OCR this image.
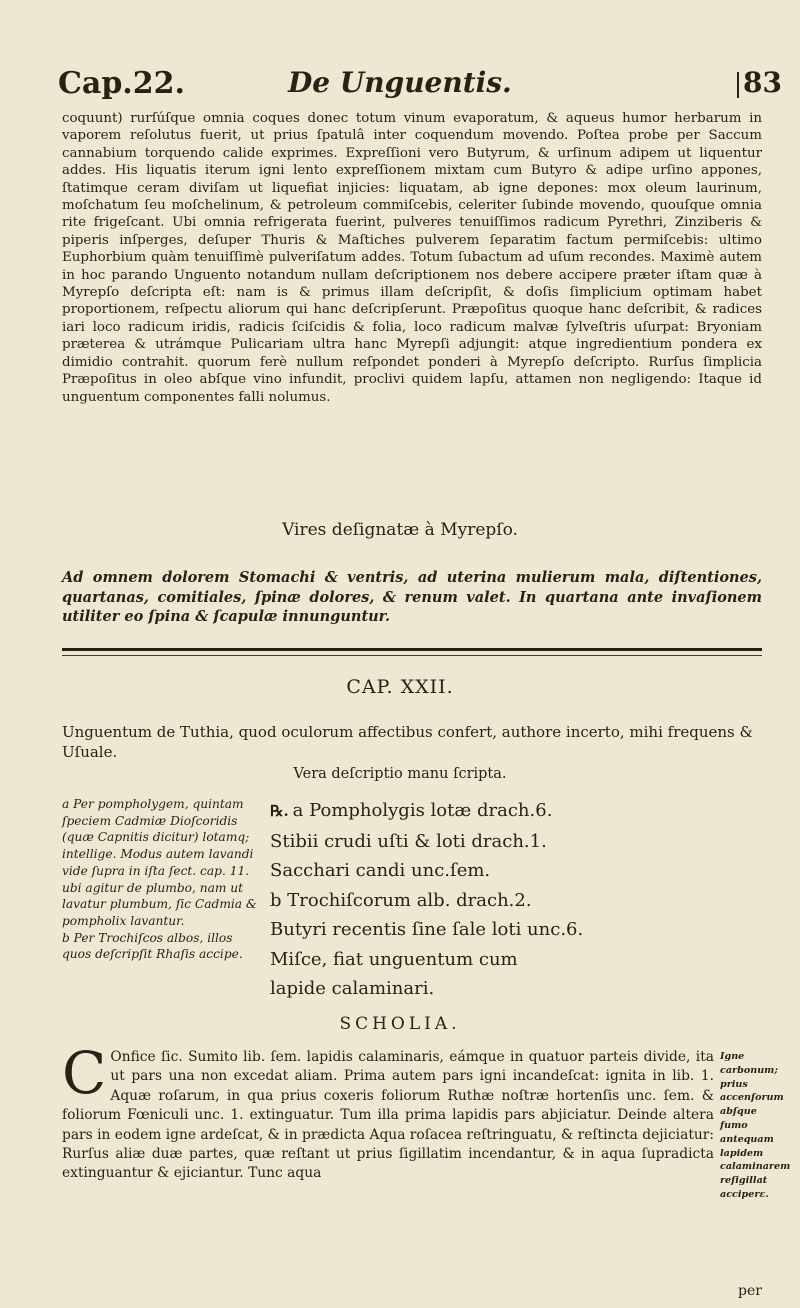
Cap.22.	De Unguentis.	83

coquunt) rurſúſque omnia coques donec totum vinum evaporatum, & aqueus humor herbarum in vaporem reſolutus fuerit, ut prius ſpatulâ inter coquendum movendo. Poſtea probe per Saccum cannabium torquendo calide exprimes. Expreſſioni vero Butyrum, & urſinum adipem ut liquentur addes. His liquatis iterum igni lento expreſſionem mixtam cum Butyro & adipe urſino appones, ſtatimque ceram diviſam ut liquefiat injicies: liquatam, ab igne depones: mox oleum laurinum, moſchatum ſeu moſchelinum, & petroleum commiſcebis, celeriter ſubinde movendo, quouſque omnia rite frigeſcant. Ubi omnia refrigerata fuerint, pulveres tenuiſſimos radicum Pyrethri, Zinziberis & piperis inſperges, deſuper Thuris & Maſtiches pulverem ſeparatim factum permiſcebis: ultimo Euphorbium quàm tenuiſſimè pulveriſatum addes. Totum ſubactum ad uſum recondes. Maximè autem in hoc parando Unguento notandum nullam deſcriptionem nos debere accipere præter iſtam quæ à Myrepſo deſcripta eſt: nam is & primus illam deſcripſit, & doſis ſimplicium optimam habet proportionem, reſpectu aliorum qui hanc deſcripſerunt. Præpoſitus quoque hanc deſcribit, & radices iari loco radicum iridis, radicis ſciſcidis & folia, loco radicum malvæ ſylveſtris uſurpat: Bryoniam præterea & utrámque Pulicariam ultra hanc Myrepſi adjungit: atque ingredientium pondera ex dimidio contrahit. quorum ferè nullum reſpondet ponderi à Myrepſo deſcripto. Rurſus ſimplicia Præpoſitus in oleo abſque vino infundit, proclivi quidem lapſu, attamen non negligendo: Itaque id unguentum componentes falli nolumus.

Vires deſignatæ à Myrepſo.
Ad omnem dolorem Stomachi & ventris, ad uterina mulierum mala, diſtentiones, quartanas, comitiales, ſpinæ dolores, & renum valet. In quartana ante invaſionem utiliter eo ſpina & ſcapulæ innunguntur.
CAP. XXII.
Unguentum de Tuthia, quod oculorum affectibus confert, authore incerto, mihi frequens & Uſuale.
Vera deſcriptio manu ſcripta.

a Per pompholygem, quintam ſpeciem Cadmiæ Dioſcoridis (quæ Capnitis dicitur) lotamq; intellige. Modus autem lavandi vide ſupra in iſta ſect. cap. 11. ubi agitur de plumbo, nam ut lavatur plumbum, ſic Cadmia & pompholix lavantur.

b Per Trochiſcos albos, illos quos deſcripſit Rhaſis accipe.

℞. a Pompholygis lotæ drach.6.
Stibii crudi uſti & loti drach.1.
Sacchari candi unc.ſem.
b Trochiſcorum alb. drach.2.
Butyri recentis ſine ſale loti unc.6.
Miſce, fiat unguentum cum lapide calaminari.
SCHOLIA.
C Onfice ſic. Sumito lib. ſem. lapidis calaminaris, eámque in quatuor parteis divide, ita ut pars una non excedat aliam. Prima autem pars igni incandeſcat: ignita in lib. 1. Aquæ roſarum, in qua prius coxeris foliorum Ruthæ noſtræ hortenſis unc. ſem. & foliorum Fœniculi unc. 1. extinguatur. Tum illa prima lapidis pars abjiciatur. Deinde altera pars in eodem igne ardeſcat, & in prædicta Aqua roſacea reſtringuatu, & reſtincta dejiciatur: Rurſus aliæ duæ partes, quæ reſtant ut prius ſigillatim incendantur, & in aqua ſupradicta extinguantur & ejiciantur. Tunc aqua

Igne carbonum;

prius accenſorum

abſque fumo antequam lapidem

calaminarem reſigillat acciperε.

per
